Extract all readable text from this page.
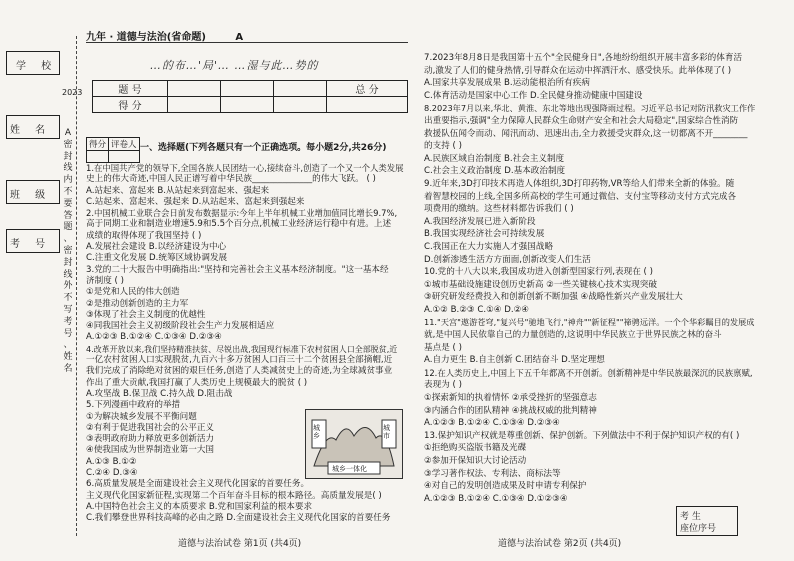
学 校
姓 名
班 级
考 号
2023
A 密 封 线 内 不 要 答 题 、 密 封 线 外 不 写 考 号 、 姓 名
九年 · 道德与法治(省命题)	A
…的布…'局'… …湿与此…势的
题 号				总 分
得 分				
得分	评卷人
	一、选择题(下列各题只有一个正确选项。每小题2分,共26分)

1.在中国共产党的领导下,全国各族人民团结一心,接续奋斗,创造了一个又一个人类发展

史上的伟大奇迹,中国人民正谱写着中华民族______________的伟大飞跃。 ( )

A.站起来、富起来 B.从站起来到富起来、强起来

C.站起来、富起来、强起来 D.从站起来、富起来到强起来

2.中国机械工业联合会日前发布数据显示:今年上半年机械工业增加值同比增长9.7%,

高于同期工业和制造业增速5.9和5.5个百分点,机械工业经济运行稳中有进。上述

成绩的取得体现了我国坚持 ( )

A.发展社会建设 B.以经济建设为中心

C.注重文化发展 D.统筹区域协调发展

3.党的二十大报告中明确指出:"坚持和完善社会主义基本经济制度。"这一基本经

济制度 ( )

①是党和人民的伟大创造

②是推动创新创造的主力军

③体现了社会主义制度的优越性

④同我国社会主义初级阶段社会生产力发展相适应

A.①②③ B.①②④ C.①③④ D.②③④

4.改革开放以来,我们坚持精准扶贫、尽锐出战,我国现行标准下农村贫困人口全部脱贫,近

一亿农村贫困人口实现脱贫,九百六十多万贫困人口百三十二个贫困县全部摘帽,近

我们完成了消除绝对贫困的艰巨任务,创造了人类减贫史上的奇迹,为全球减贫事业

作出了重大贡献,我国打赢了人类历史上规模最大的脱贫 ( )

A.攻坚战 B.保卫战 C.持久战 D.阻击战

5.下列漫画中政府的举措

①为解决城乡发展不平衡问题

②有利于促进我国社会的公平正义

③表明政府助力释放更多创新活力

④使我国成为世界制造业第一大国

A.①③ B.①②

C.②④ D.③④

6.高质量发展是全面建设社会主义现代化国家的首要任务。

主义现代化国家新征程,实现第二个百年奋斗目标的根本路径。高质量发展是( )

A.中国特色社会主义的本质要求 B.党和国家利益的根本要求

C.我们攀登世界科技高峰的必由之路 D.全面建设社会主义现代化国家的首要任务

城乡
城市
城乡一体化

7.2023年8月8日是我国第十五个"全民健身日",各地纷纷组织开展丰富多彩的体育活

动,激发了人们的健身热情,引导群众在运动中挥洒汗水、感受快乐。此举体现了( )

A.国家共享发展成果 B.运动能根治所有疾病

C.体育活动是国家中心工作 D.全民健身推动健康中国建设

8.2023年7月以来,华北、黄淮、东北等地出现强降雨过程。习近平总书记对防汛救灾工作作

出重要指示,强调"全力保障人民群众生命财产安全和社会大局稳定",国家综合性消防

救援队伍闻令而动、闻汛而动、迅速出击,全力救援受灾群众,这一切都离不开________

的支持 ( )

A.民族区域自治制度 B.社会主义制度

C.社会主义政治制度 D.基本政治制度

9.近年来,3D打印技术再造人体组织,3D打印药物,VR等给人们带来全新的体验。随

着智慧校园的上线,全国多所高校的学生可通过微信、支付宝等移动支付方式完成各

项费用的缴纳。这些材料都告诉我们 ( )

A.我国经济发展已进入新阶段

B.我国实现经济社会可持续发展

C.我国正在大力实施人才强国战略

D.创新渗透生活方方面面,创新改变人们生活

10.党的十八大以来,我国成功进入创新型国家行列,表现在 ( )

①城市基础设施建设创历史新高 ②一些关键核心技术实现突破

③研究研发经费投入和创新创新不断加强 ④战略性新兴产业发展壮大

A.①② B.②③ C.①④ D.②④

11."天宫"遨游苍穹,"复兴号"驰地飞行,"神舟""新征程""禘骋远洋。一个个华彩瞩目的发展成

就,是中国人民依靠自己的力量创造的,这说明中华民族立于世界民族之林的奋斗

基点是 ( )

A.自力更生 B.自主创新 C.团结奋斗 D.坚定理想

12.在人类历史上,中国上下五千年都离不开创新。创新精神是中华民族最深沉的民族禀赋,

表现为 ( )

①探索新知的执着情怀 ②承受挫折的坚强意志

③内涵合作的团队精神 ④挑战权威的批判精神

A.①②③ B.①②④ C.①③④ D.②③④

13.保护知识产权就是尊重创新、保护创新。下列做法中不利于保护知识产权的有( )

①拒绝购买盗版书籍及光碟

②参加开保知识大讨论活动

③学习著作权法、专利法、商标法等

④对自己的发明创造成果及时申请专利保护

A.①②③ B.①②④ C.①③④ D.①②③④

道德与法治试卷 第1页 (共4页)	道德与法治试卷 第2页 (共4页)
考 生
座位序号
